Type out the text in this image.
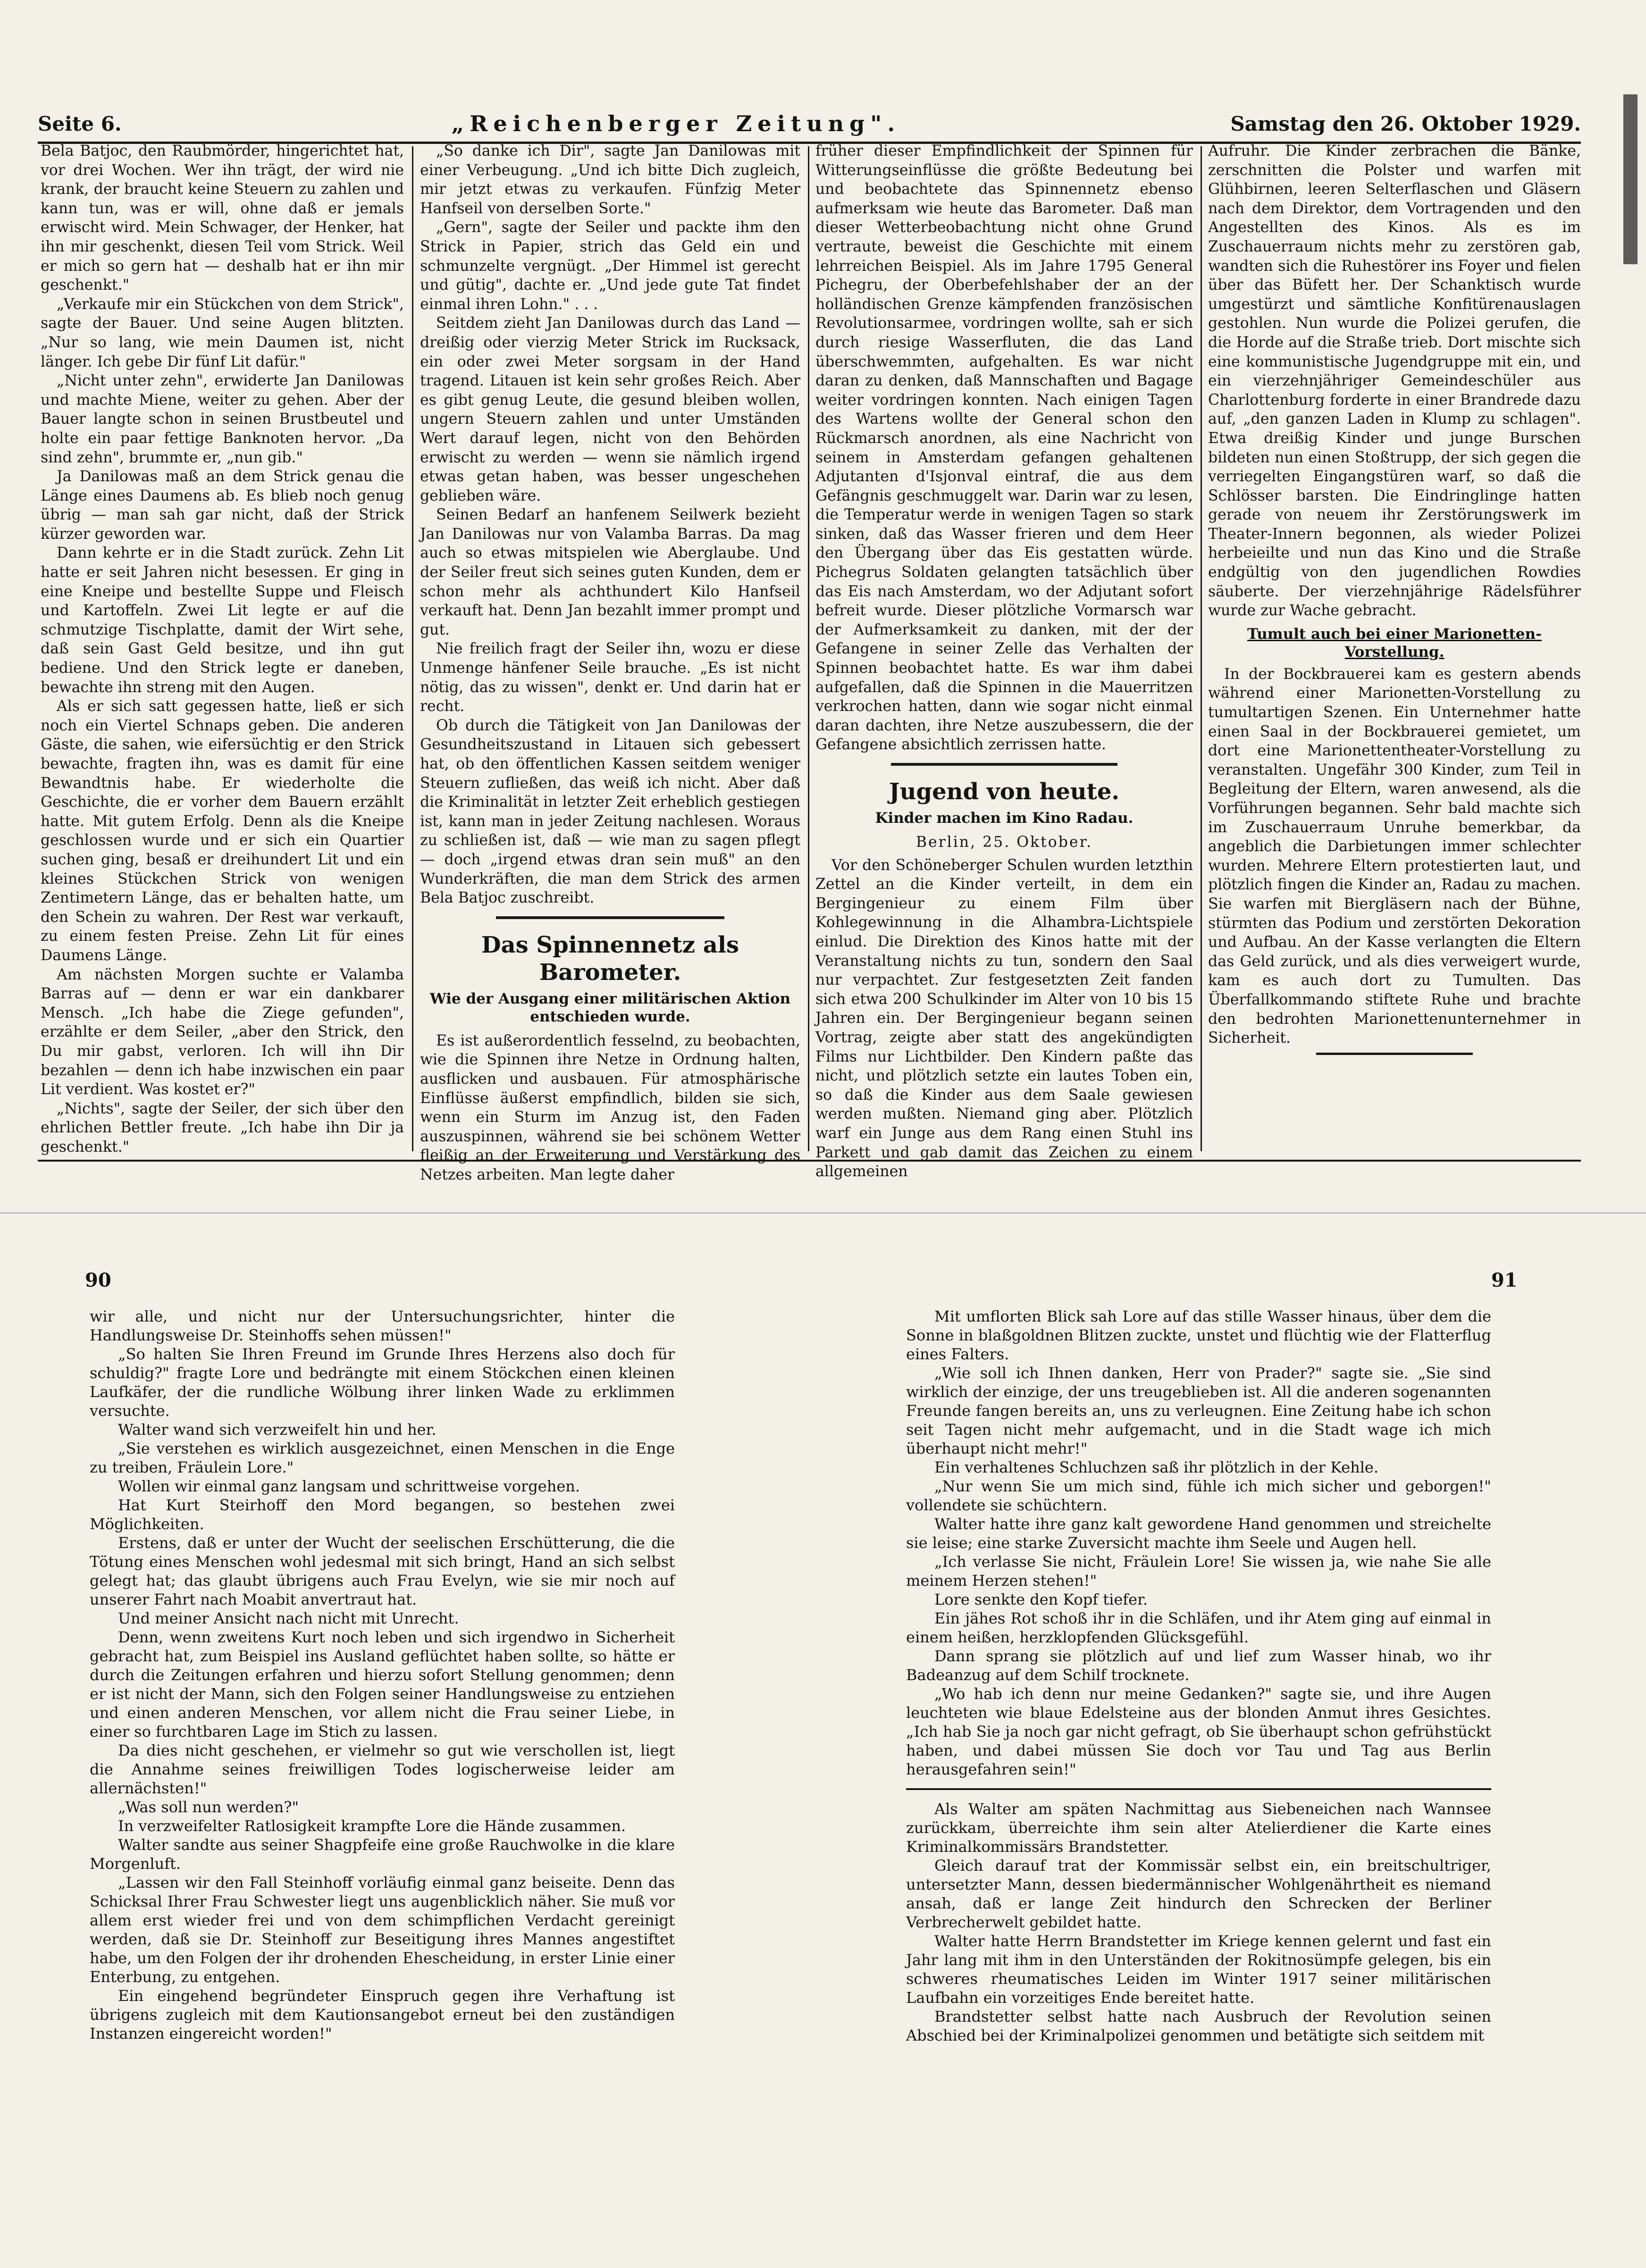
Seite 6.	„Reichenberger Zeitung".	Samstag den 26. Oktober 1929.

Bela Batjoc, den Raubmörder, hingerichtet hat, vor drei Wochen. Wer ihn trägt, der wird nie krank, der braucht keine Steuern zu zahlen und kann tun, was er will, ohne daß er jemals erwischt wird. Mein Schwager, der Henker, hat ihn mir geschenkt, diesen Teil vom Strick. Weil er mich so gern hat — deshalb hat er ihn mir geschenkt."

„Verkaufe mir ein Stückchen von dem Strick", sagte der Bauer. Und seine Augen blitzten. „Nur so lang, wie mein Daumen ist, nicht länger. Ich gebe Dir fünf Lit dafür."

„Nicht unter zehn", erwiderte Jan Danilowas und machte Miene, weiter zu gehen. Aber der Bauer langte schon in seinen Brustbeutel und holte ein paar fettige Banknoten hervor. „Da sind zehn", brummte er, „nun gib."

Ja Danilowas maß an dem Strick genau die Länge eines Daumens ab. Es blieb noch genug übrig — man sah gar nicht, daß der Strick kürzer geworden war.

Dann kehrte er in die Stadt zurück. Zehn Lit hatte er seit Jahren nicht besessen. Er ging in eine Kneipe und bestellte Suppe und Fleisch und Kartoffeln. Zwei Lit legte er auf die schmutzige Tischplatte, damit der Wirt sehe, daß sein Gast Geld besitze, und ihn gut bediene. Und den Strick legte er daneben, bewachte ihn streng mit den Augen.

Als er sich satt gegessen hatte, ließ er sich noch ein Viertel Schnaps geben. Die anderen Gäste, die sahen, wie eifersüchtig er den Strick bewachte, fragten ihn, was es damit für eine Bewandtnis habe. Er wiederholte die Geschichte, die er vorher dem Bauern erzählt hatte. Mit gutem Erfolg. Denn als die Kneipe geschlossen wurde und er sich ein Quartier suchen ging, besaß er dreihundert Lit und ein kleines Stückchen Strick von wenigen Zentimetern Länge, das er behalten hatte, um den Schein zu wahren. Der Rest war verkauft, zu einem festen Preise. Zehn Lit für eines Daumens Länge.

Am nächsten Morgen suchte er Valamba Barras auf — denn er war ein dankbarer Mensch. „Ich habe die Ziege gefunden", erzählte er dem Seiler, „aber den Strick, den Du mir gabst, verloren. Ich will ihn Dir bezahlen — denn ich habe inzwischen ein paar Lit verdient. Was kostet er?"

„Nichts", sagte der Seiler, der sich über den ehrlichen Bettler freute. „Ich habe ihn Dir ja geschenkt."

„So danke ich Dir", sagte Jan Danilowas mit einer Verbeugung. „Und ich bitte Dich zugleich, mir jetzt etwas zu verkaufen. Fünfzig Meter Hanfseil von derselben Sorte."

„Gern", sagte der Seiler und packte ihm den Strick in Papier, strich das Geld ein und schmunzelte vergnügt. „Der Himmel ist gerecht und gütig", dachte er. „Und jede gute Tat findet einmal ihren Lohn." . . .

Seitdem zieht Jan Danilowas durch das Land — dreißig oder vierzig Meter Strick im Rucksack, ein oder zwei Meter sorgsam in der Hand tragend. Litauen ist kein sehr großes Reich. Aber es gibt genug Leute, die gesund bleiben wollen, ungern Steuern zahlen und unter Umständen Wert darauf legen, nicht von den Behörden erwischt zu werden — wenn sie nämlich irgend etwas getan haben, was besser ungeschehen geblieben wäre.

Seinen Bedarf an hanfenem Seilwerk bezieht Jan Danilowas nur von Valamba Barras. Da mag auch so etwas mitspielen wie Aberglaube. Und der Seiler freut sich seines guten Kunden, dem er schon mehr als achthundert Kilo Hanfseil verkauft hat. Denn Jan bezahlt immer prompt und gut.

Nie freilich fragt der Seiler ihn, wozu er diese Unmenge hänfener Seile brauche. „Es ist nicht nötig, das zu wissen", denkt er. Und darin hat er recht.

Ob durch die Tätigkeit von Jan Danilowas der Gesundheitszustand in Litauen sich gebessert hat, ob den öffentlichen Kassen seitdem weniger Steuern zufließen, das weiß ich nicht. Aber daß die Kriminalität in letzter Zeit erheblich gestiegen ist, kann man in jeder Zeitung nachlesen. Woraus zu schließen ist, daß — wie man zu sagen pflegt — doch „irgend etwas dran sein muß" an den Wunderkräften, die man dem Strick des armen Bela Batjoc zuschreibt.

Das Spinnennetz als Barometer.
Wie der Ausgang einer militärischen Aktion entschieden wurde.

Es ist außerordentlich fesselnd, zu beobachten, wie die Spinnen ihre Netze in Ordnung halten, ausflicken und ausbauen. Für atmosphärische Einflüsse äußerst empfindlich, bilden sie sich, wenn ein Sturm im Anzug ist, den Faden auszuspinnen, während sie bei schönem Wetter fleißig an der Erweiterung und Verstärkung des Netzes arbeiten. Man legte daher

früher dieser Empfindlichkeit der Spinnen für Witterungseinflüsse die größte Bedeutung bei und beobachtete das Spinnennetz ebenso aufmerksam wie heute das Barometer. Daß man dieser Wetterbeobachtung nicht ohne Grund vertraute, beweist die Geschichte mit einem lehrreichen Beispiel. Als im Jahre 1795 General Pichegru, der Oberbefehlshaber der an der holländischen Grenze kämpfenden französischen Revolutionsarmee, vordringen wollte, sah er sich durch riesige Wasserfluten, die das Land überschwemmten, aufgehalten. Es war nicht daran zu denken, daß Mannschaften und Bagage weiter vordringen konnten. Nach einigen Tagen des Wartens wollte der General schon den Rückmarsch anordnen, als eine Nachricht von seinem in Amsterdam gefangen gehaltenen Adjutanten d'Isjonval eintraf, die aus dem Gefängnis geschmuggelt war. Darin war zu lesen, die Temperatur werde in wenigen Tagen so stark sinken, daß das Wasser frieren und dem Heer den Übergang über das Eis gestatten würde. Pichegrus Soldaten gelangten tatsächlich über das Eis nach Amsterdam, wo der Adjutant sofort befreit wurde. Dieser plötzliche Vormarsch war der Aufmerksamkeit zu danken, mit der der Gefangene in seiner Zelle das Verhalten der Spinnen beobachtet hatte. Es war ihm dabei aufgefallen, daß die Spinnen in die Mauerritzen verkrochen hatten, dann wie sogar nicht einmal daran dachten, ihre Netze auszubessern, die der Gefangene absichtlich zerrissen hatte.

Jugend von heute.
Kinder machen im Kino Radau.
Berlin, 25. Oktober.

Vor den Schöneberger Schulen wurden letzthin Zettel an die Kinder verteilt, in dem ein Bergingenieur zu einem Film über Kohlegewinnung in die Alhambra-Lichtspiele einlud. Die Direktion des Kinos hatte mit der Veranstaltung nichts zu tun, sondern den Saal nur verpachtet. Zur festgesetzten Zeit fanden sich etwa 200 Schulkinder im Alter von 10 bis 15 Jahren ein. Der Bergingenieur begann seinen Vortrag, zeigte aber statt des angekündigten Films nur Lichtbilder. Den Kindern paßte das nicht, und plötzlich setzte ein lautes Toben ein, so daß die Kinder aus dem Saale gewiesen werden mußten. Niemand ging aber. Plötzlich warf ein Junge aus dem Rang einen Stuhl ins Parkett und gab damit das Zeichen zu einem allgemeinen

Aufruhr. Die Kinder zerbrachen die Bänke, zerschnitten die Polster und warfen mit Glühbirnen, leeren Selterflaschen und Gläsern nach dem Direktor, dem Vortragenden und den Angestellten des Kinos. Als es im Zuschauerraum nichts mehr zu zerstören gab, wandten sich die Ruhestörer ins Foyer und fielen über das Büfett her. Der Schanktisch wurde umgestürzt und sämtliche Konfitürenauslagen gestohlen. Nun wurde die Polizei gerufen, die die Horde auf die Straße trieb. Dort mischte sich eine kommunistische Jugendgruppe mit ein, und ein vierzehnjähriger Gemeindeschüler aus Charlottenburg forderte in einer Brandrede dazu auf, „den ganzen Laden in Klump zu schlagen". Etwa dreißig Kinder und junge Burschen bildeten nun einen Stoßtrupp, der sich gegen die verriegelten Eingangstüren warf, so daß die Schlösser barsten. Die Eindringlinge hatten gerade von neuem ihr Zerstörungswerk im Theater-Innern begonnen, als wieder Polizei herbeieilte und nun das Kino und die Straße endgültig von den jugendlichen Rowdies säuberte. Der vierzehnjährige Rädelsführer wurde zur Wache gebracht.

Tumult auch bei einer Marionetten-Vorstellung.

In der Bockbrauerei kam es gestern abends während einer Marionetten-Vorstellung zu tumultartigen Szenen. Ein Unternehmer hatte einen Saal in der Bockbrauerei gemietet, um dort eine Marionettentheater-Vorstellung zu veranstalten. Ungefähr 300 Kinder, zum Teil in Begleitung der Eltern, waren anwesend, als die Vorführungen begannen. Sehr bald machte sich im Zuschauerraum Unruhe bemerkbar, da angeblich die Darbietungen immer schlechter wurden. Mehrere Eltern protestierten laut, und plötzlich fingen die Kinder an, Radau zu machen. Sie warfen mit Biergläsern nach der Bühne, stürmten das Podium und zerstörten Dekoration und Aufbau. An der Kasse verlangten die Eltern das Geld zurück, und als dies verweigert wurde, kam es auch dort zu Tumulten. Das Überfallkommando stiftete Ruhe und brachte den bedrohten Marionettenunternehmer in Sicherheit.

90	91

wir alle, und nicht nur der Untersuchungsrichter, hinter die Handlungsweise Dr. Steinhoffs sehen müssen!"

„So halten Sie Ihren Freund im Grunde Ihres Herzens also doch für schuldig?" fragte Lore und bedrängte mit einem Stöckchen einen kleinen Laufkäfer, der die rundliche Wölbung ihrer linken Wade zu erklimmen versuchte.

Walter wand sich verzweifelt hin und her.

„Sie verstehen es wirklich ausgezeichnet, einen Menschen in die Enge zu treiben, Fräulein Lore."

Wollen wir einmal ganz langsam und schrittweise vorgehen.

Hat Kurt Steirhoff den Mord begangen, so bestehen zwei Möglichkeiten.

Erstens, daß er unter der Wucht der seelischen Erschütterung, die die Tötung eines Menschen wohl jedesmal mit sich bringt, Hand an sich selbst gelegt hat; das glaubt übrigens auch Frau Evelyn, wie sie mir noch auf unserer Fahrt nach Moabit anvertraut hat.

Und meiner Ansicht nach nicht mit Unrecht.

Denn, wenn zweitens Kurt noch leben und sich irgendwo in Sicherheit gebracht hat, zum Beispiel ins Ausland geflüchtet haben sollte, so hätte er durch die Zeitungen erfahren und hierzu sofort Stellung genommen; denn er ist nicht der Mann, sich den Folgen seiner Handlungsweise zu entziehen und einen anderen Menschen, vor allem nicht die Frau seiner Liebe, in einer so furchtbaren Lage im Stich zu lassen.

Da dies nicht geschehen, er vielmehr so gut wie verschollen ist, liegt die Annahme seines freiwilligen Todes logischerweise leider am allernächsten!"

„Was soll nun werden?"

In verzweifelter Ratlosigkeit krampfte Lore die Hände zusammen.

Walter sandte aus seiner Shagpfeife eine große Rauchwolke in die klare Morgenluft.

„Lassen wir den Fall Steinhoff vorläufig einmal ganz beiseite. Denn das Schicksal Ihrer Frau Schwester liegt uns augenblicklich näher. Sie muß vor allem erst wieder frei und von dem schimpflichen Verdacht gereinigt werden, daß sie Dr. Steinhoff zur Beseitigung ihres Mannes angestiftet habe, um den Folgen der ihr drohenden Ehescheidung, in erster Linie einer Enterbung, zu entgehen.

Ein eingehend begründeter Einspruch gegen ihre Verhaftung ist übrigens zugleich mit dem Kautionsangebot erneut bei den zuständigen Instanzen eingereicht worden!"

Mit umflorten Blick sah Lore auf das stille Wasser hinaus, über dem die Sonne in blaßgoldnen Blitzen zuckte, unstet und flüchtig wie der Flatterflug eines Falters.

„Wie soll ich Ihnen danken, Herr von Prader?" sagte sie. „Sie sind wirklich der einzige, der uns treugeblieben ist. All die anderen sogenannten Freunde fangen bereits an, uns zu verleugnen. Eine Zeitung habe ich schon seit Tagen nicht mehr aufgemacht, und in die Stadt wage ich mich überhaupt nicht mehr!"

Ein verhaltenes Schluchzen saß ihr plötzlich in der Kehle.

„Nur wenn Sie um mich sind, fühle ich mich sicher und geborgen!" vollendete sie schüchtern.

Walter hatte ihre ganz kalt gewordene Hand genommen und streichelte sie leise; eine starke Zuversicht machte ihm Seele und Augen hell.

„Ich verlasse Sie nicht, Fräulein Lore! Sie wissen ja, wie nahe Sie alle meinem Herzen stehen!"

Lore senkte den Kopf tiefer.

Ein jähes Rot schoß ihr in die Schläfen, und ihr Atem ging auf einmal in einem heißen, herzklopfenden Glücksgefühl.

Dann sprang sie plötzlich auf und lief zum Wasser hinab, wo ihr Badeanzug auf dem Schilf trocknete.

„Wo hab ich denn nur meine Gedanken?" sagte sie, und ihre Augen leuchteten wie blaue Edelsteine aus der blonden Anmut ihres Gesichtes. „Ich hab Sie ja noch gar nicht gefragt, ob Sie überhaupt schon gefrühstückt haben, und dabei müssen Sie doch vor Tau und Tag aus Berlin herausgefahren sein!"

Als Walter am späten Nachmittag aus Siebeneichen nach Wannsee zurückkam, überreichte ihm sein alter Atelierdiener die Karte eines Kriminalkommissärs Brandstetter.

Gleich darauf trat der Kommissär selbst ein, ein breitschultriger, untersetzter Mann, dessen biedermännischer Wohlgenährtheit es niemand ansah, daß er lange Zeit hindurch den Schrecken der Berliner Verbrecherwelt gebildet hatte.

Walter hatte Herrn Brandstetter im Kriege kennen gelernt und fast ein Jahr lang mit ihm in den Unterständen der Rokitnosümpfe gelegen, bis ein schweres rheumatisches Leiden im Winter 1917 seiner militärischen Laufbahn ein vorzeitiges Ende bereitet hatte.

Brandstetter selbst hatte nach Ausbruch der Revolution seinen Abschied bei der Kriminalpolizei genommen und betätigte sich seitdem mit
